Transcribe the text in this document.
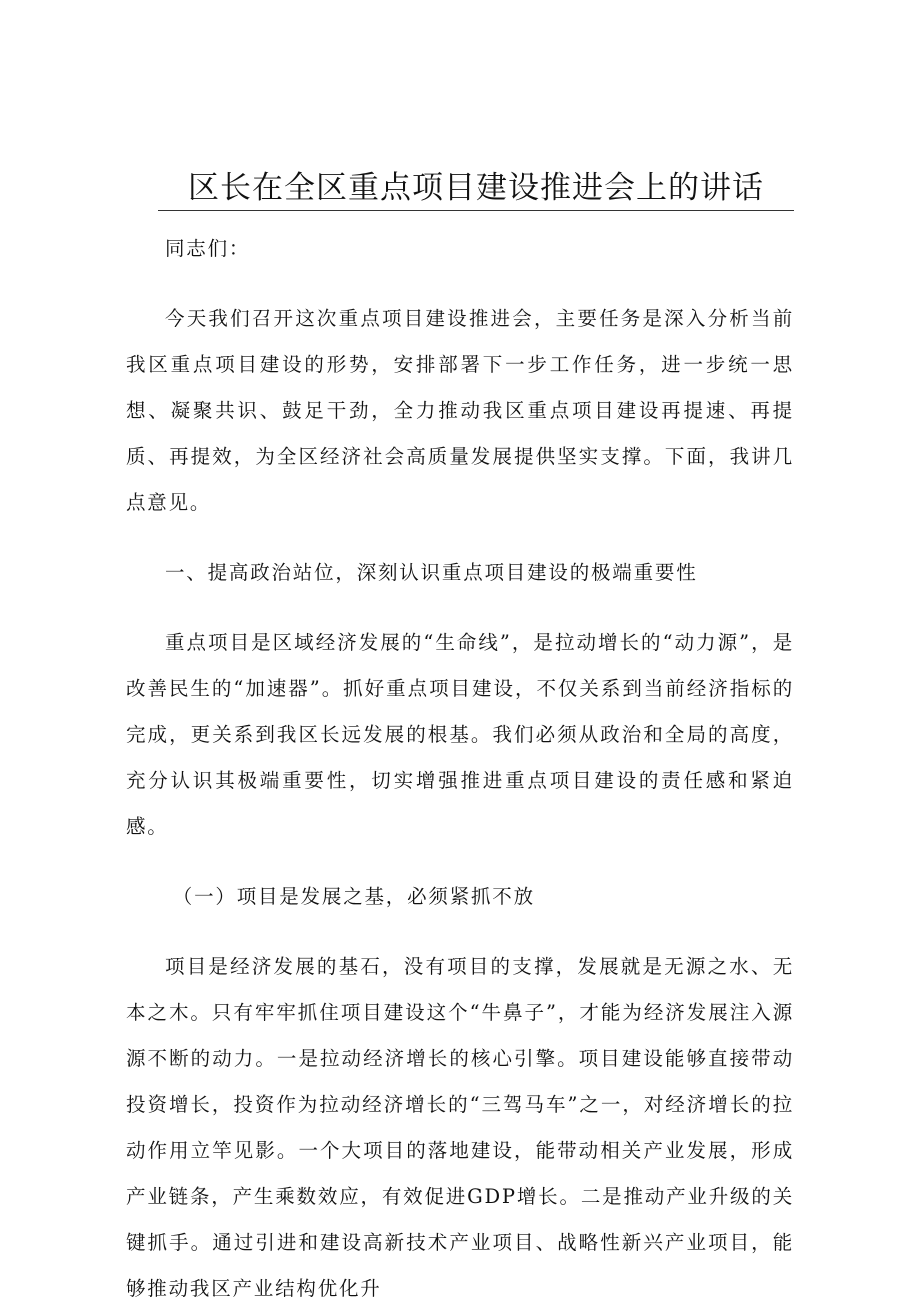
区长在全区重点项目建设推进会上的讲话

同志们：

今天我们召开这次重点项目建设推进会，主要任务是深入分析当前我区重点项目建设的形势，安排部署下一步工作任务，进一步统一思想、凝聚共识、鼓足干劲，全力推动我区重点项目建设再提速、再提质、再提效，为全区经济社会高质量发展提供坚实支撑。下面，我讲几点意见。

一、提高政治站位，深刻认识重点项目建设的极端重要性

重点项目是区域经济发展的“生命线”，是拉动增长的“动力源”，是改善民生的“加速器”。抓好重点项目建设，不仅关系到当前经济指标的完成，更关系到我区长远发展的根基。我们必须从政治和全局的高度，充分认识其极端重要性，切实增强推进重点项目建设的责任感和紧迫感。

（一）项目是发展之基，必须紧抓不放

项目是经济发展的基石，没有项目的支撑，发展就是无源之水、无本之木。只有牢牢抓住项目建设这个“牛鼻子”，才能为经济发展注入源源不断的动力。一是拉动经济增长的核心引擎。项目建设能够直接带动投资增长，投资作为拉动经济增长的“三驾马车”之一，对经济增长的拉动作用立竿见影。一个大项目的落地建设，能带动相关产业发展，形成产业链条，产生乘数效应，有效促进GDP增长。二是推动产业升级的关键抓手。通过引进和建设高新技术产业项目、战略性新兴产业项目，能够推动我区产业结构优化升
